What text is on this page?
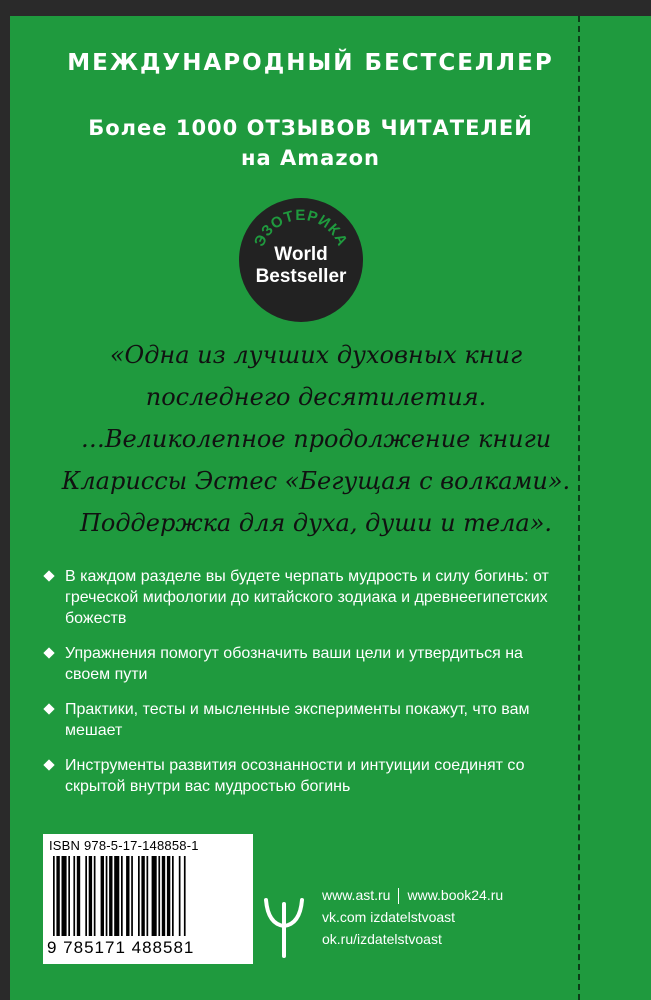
МЕЖДУНАРОДНЫЙ БЕСТСЕЛЛЕР
Более 1000 ОТЗЫВОВ ЧИТАТЕЛЕЙ
на Amazon
ЭЗОТЕРИКА
World
Bestseller
«Одна из лучших духовных книг
последнего десятилетия.
…Великолепное продолжение книги
Клариссы Эстес «Бегущая с волками».
Поддержка для духа, души и тела».
В каждом разделе вы будете черпать мудрость и силу богинь: от греческой мифологии до китайского зодиака и древнеегипетских божеств
Упражнения помогут обозначить ваши цели и утвердиться на своем пути
Практики, тесты и мысленные эксперименты покажут, что вам мешает
Инструменты развития осознанности и интуиции соединят со скрытой внутри вас мудростью богинь
ISBN 978-5-17-148858-1
9 785171 488581
www.ast.ru www.book24.ru
vk.com izdatelstvoast
ok.ru/izdatelstvoast
